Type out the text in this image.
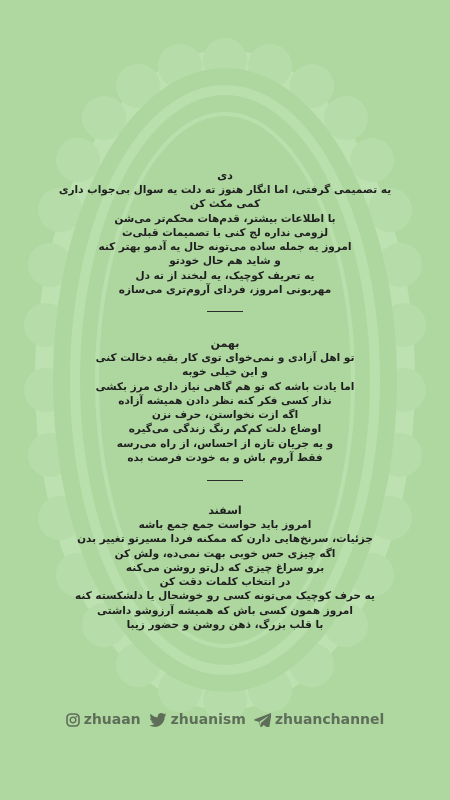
دی

یه تصمیمی گرفتی، اما انگار هنوز ته دلت یه سوال بی‌جواب داری

کمی مکث کن

با اطلاعات بیشتر، قدم‌هات محکم‌تر می‌شن

لزومی نداره لج کنی با تصمیمات قبلی‌ت

امروز یه جمله ساده می‌تونه حال یه آدمو بهتر کنه

و شاید هم حال خودتو

یه تعریف کوچیک، یه لبخند از ته دل

مهربونی امروز، فردای آروم‌تری می‌سازه

بهمن

تو اهل آزادی و نمی‌خوای توی کار بقیه دخالت کنی

و این خیلی خوبه

اما یادت باشه که تو هم گاهی نیاز داری مرز بکشی

نذار کسی فکر کنه نظر دادن همیشه آزاده

اگه ازت نخواستن، حرف نزن

اوضاع دلت کم‌کم رنگ زندگی می‌گیره

و یه جریان تازه از احساس، از راه می‌رسه

فقط آروم باش و به خودت فرصت بده

اسفند

امروز باید حواست جمع جمع باشه

جزئیات، سرنخ‌هایی دارن که ممکنه فردا مسیرتو تغییر بدن

اگه چیزی حس خوبی بهت نمی‌ده، ولش کن

برو سراغ چیزی که دل‌تو روشن می‌کنه

در انتخاب کلمات دقت کن

یه حرف کوچیک می‌تونه کسی رو خوشحال یا دلشکسته کنه

امروز همون کسی باش که همیشه آرزوشو داشتی

با قلب بزرگ، ذهن روشن و حضور زیبا

zhuaan zhuanism zhuanchannel
